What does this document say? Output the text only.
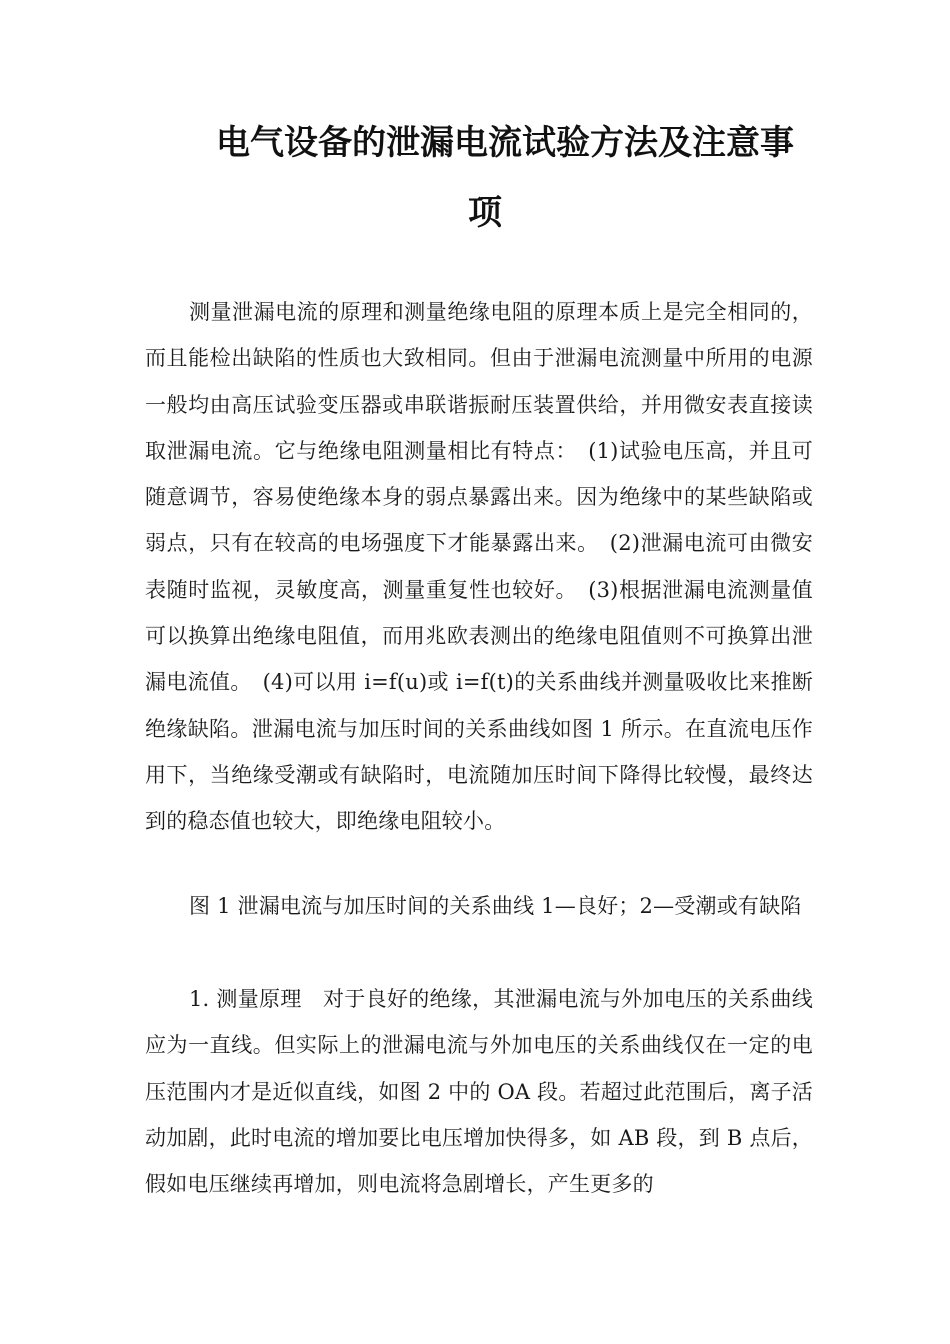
电气设备的泄漏电流试验方法及注意事
项

测量泄漏电流的原理和测量绝缘电阻的原理本质上是完全相同的，而且能检出缺陷的性质也大致相同。但由于泄漏电流测量中所用的电源一般均由高压试验变压器或串联谐振耐压装置供给，并用微安表直接读取泄漏电流。它与绝缘电阻测量相比有特点：　(1)试验电压高，并且可随意调节，容易使绝缘本身的弱点暴露出来。因为绝缘中的某些缺陷或弱点，只有在较高的电场强度下才能暴露出来。　(2)泄漏电流可由微安表随时监视，灵敏度高，测量重复性也较好。　(3)根据泄漏电流测量值可以换算出绝缘电阻值，而用兆欧表测出的绝缘电阻值则不可换算出泄漏电流值。　(4)可以用 i=f(u)或 i=f(t)的关系曲线并测量吸收比来推断绝缘缺陷。泄漏电流与加压时间的关系曲线如图 1 所示。在直流电压作用下，当绝缘受潮或有缺陷时，电流随加压时间下降得比较慢，最终达到的稳态值也较大，即绝缘电阻较小。

图 1 泄漏电流与加压时间的关系曲线 1—良好；2—受潮或有缺陷

1. 测量原理　对于良好的绝缘，其泄漏电流与外加电压的关系曲线应为一直线。但实际上的泄漏电流与外加电压的关系曲线仅在一定的电压范围内才是近似直线，如图 2 中的 OA 段。若超过此范围后，离子活动加剧，此时电流的增加要比电压增加快得多，如 AB 段，到 B 点后，假如电压继续再增加，则电流将急剧增长，产生更多的
